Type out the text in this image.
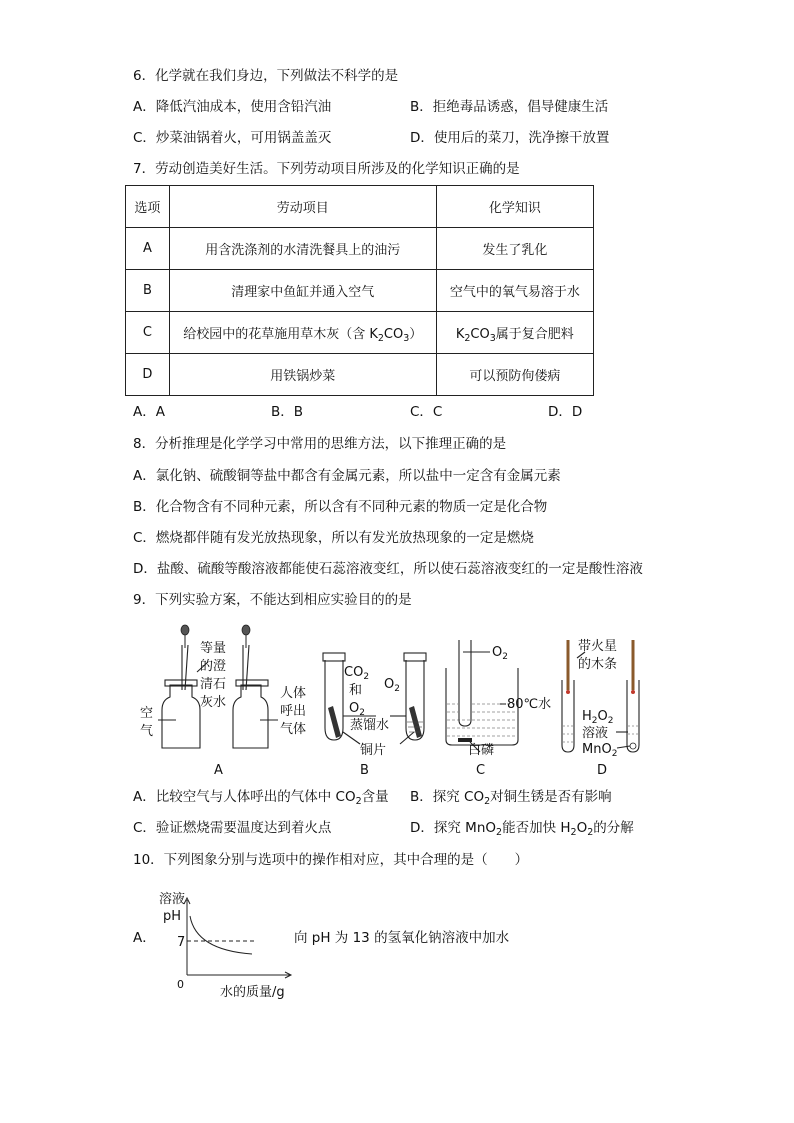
6．化学就在我们身边，下列做法不科学的是
A．降低汽油成本，使用含铅汽油	B．拒绝毒品诱惑，倡导健康生活
C．炒菜油锅着火，可用锅盖盖灭	D．使用后的菜刀，洗净擦干放置
7．劳动创造美好生活。下列劳动项目所涉及的化学知识正确的是
选项	劳动项目	化学知识
A	用含洗涤剂的水清洗餐具上的油污	发生了乳化
B	清理家中鱼缸并通入空气	空气中的氧气易溶于水
C	给校园中的花草施用草木灰（含 $K_2CO_3$）	$K_2CO_3$属于复合肥料
D	用铁锅炒菜	可以预防佝偻病
A．A	B．B	C．C	D．D
8．分析推理是化学学习中常用的思维方法，以下推理正确的是
A．氯化钠、硫酸铜等盐中都含有金属元素，所以盐中一定含有金属元素
B．化合物含有不同种元素，所以含有不同种元素的物质一定是化合物
C．燃烧都伴随有发光放热现象，所以有发光放热现象的一定是燃烧
D．盐酸、硫酸等酸溶液都能使石蕊溶液变红，所以使石蕊溶液变红的一定是酸性溶液
9．下列实验方案，不能达到相应实验目的的是
等量
的澄
清石
灰水
空
气
人体
呼出
气体
$CO_2$
和
$O_2$
$O_2$
蒸馏水
铜片
$O_2$
80℃水
白磷
带火星
的木条
$H_2O_2$
溶液
MnO$_2$
A	B	C	D
A．比较空气与人体呼出的气体中 $CO_2$含量 B．探究 $CO_2$对铜生锈是否有影响
C．验证燃烧需要温度达到着火点	D．探究 MnO$_2$能否加快 $H_2O_2$的分解
10．下列图象分别与选项中的操作相对应，其中合理的是（　　）
A．
溶液
pH
7
0
水的质量/g
向 pH 为 13 的氢氧化钠溶液中加水
